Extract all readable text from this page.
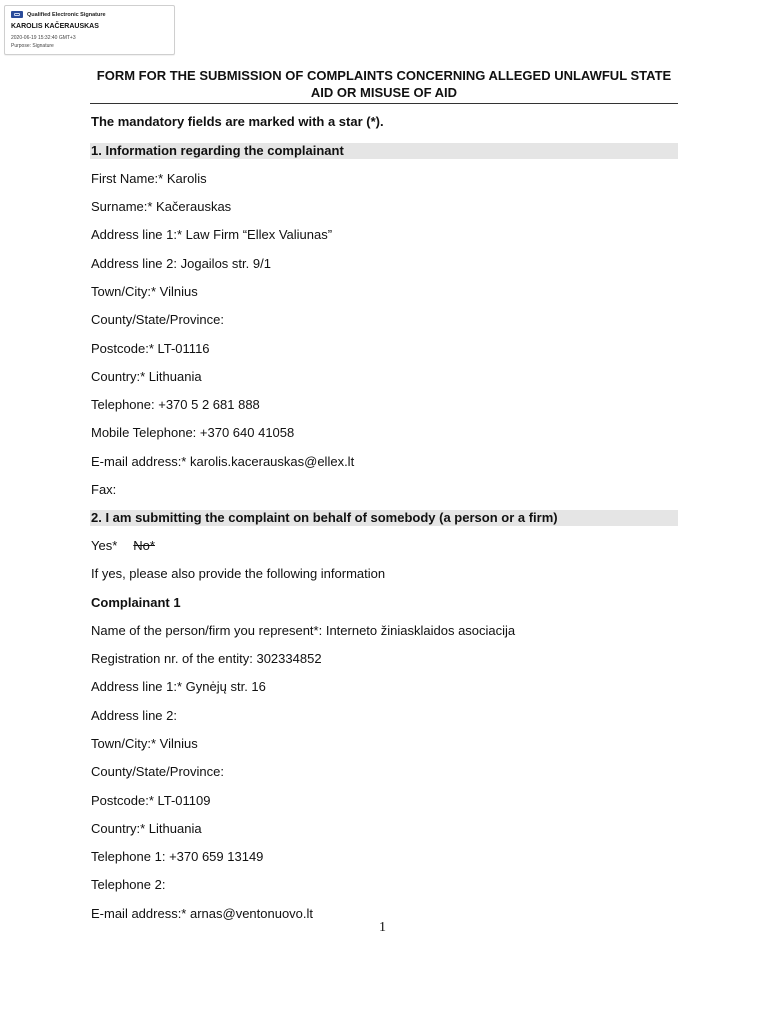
Qualified Electronic Signature
KAROLIS KAČERAUSKAS
2020-06-19 15:32:40 GMT+3
Purpose: Signature
FORM FOR THE SUBMISSION OF COMPLAINTS CONCERNING ALLEGED UNLAWFUL STATE AID OR MISUSE OF AID
The mandatory fields are marked with a star (*).
1. Information regarding the complainant
First Name:* Karolis
Surname:* Kačerauskas
Address line 1:* Law Firm “Ellex Valiunas”
Address line 2: Jogailos str. 9/1
Town/City:* Vilnius
County/State/Province:
Postcode:* LT-01116
Country:* Lithuania
Telephone: +370 5 2 681 888
Mobile Telephone: +370 640 41058
E-mail address:* karolis.kacerauskas@ellex.lt
Fax:
2. I am submitting the complaint on behalf of somebody (a person or a firm)
Yes* No*
If yes, please also provide the following information
Complainant 1
Name of the person/firm you represent*: Interneto žiniasklaidos asociacija
Registration nr. of the entity: 302334852
Address line 1:* Gynėjų str. 16
Address line 2:
Town/City:* Vilnius
County/State/Province:
Postcode:* LT-01109
Country:* Lithuania
Telephone 1: +370 659 13149
Telephone 2:
E-mail address:* arnas@ventonuovo.lt
1
